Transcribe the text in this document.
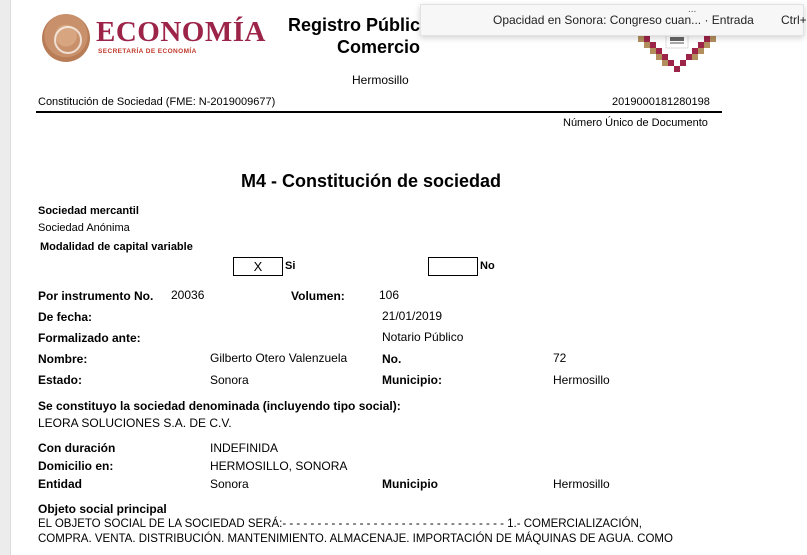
ECONOMÍA
SECRETARÍA DE ECONOMÍA
Registro Públic
Comercio
Hermosillo
...
Opacidad en Sonora: Congreso cuan... · Entrada Ctrl+
Constitución de Sociedad (FME: N-2019009677)	2019000181280198
Número Único de Documento
M4 - Constitución de sociedad
Sociedad mercantil
Sociedad Anónima
Modalidad de capital variable
X	Si	No
Por instrumento No. 20036	Volumen:	106
De fecha:	21/01/2019
Formalizado ante:	Notario Público
Nombre:	Gilberto Otero Valenzuela	No.	72
Estado:	Sonora	Municipio:	Hermosillo
Se constituyo la sociedad denominada (incluyendo tipo social):
LEORA SOLUCIONES S.A. DE C.V.
Con duración	INDEFINIDA
Domicilio en:	HERMOSILLO, SONORA
Entidad	Sonora	Municipio	Hermosillo
Objeto social principal
EL OBJETO SOCIAL DE LA SOCIEDAD SERÁ:- - - - - - - - - - - - - - - - - - - - - - - - - - - - - - - - 1.- COMERCIALIZACIÓN,
COMPRA. VENTA. DISTRIBUCIÓN. MANTENIMIENTO. ALMACENAJE. IMPORTACIÓN DE MÁQUINAS DE AGUA. COMO
